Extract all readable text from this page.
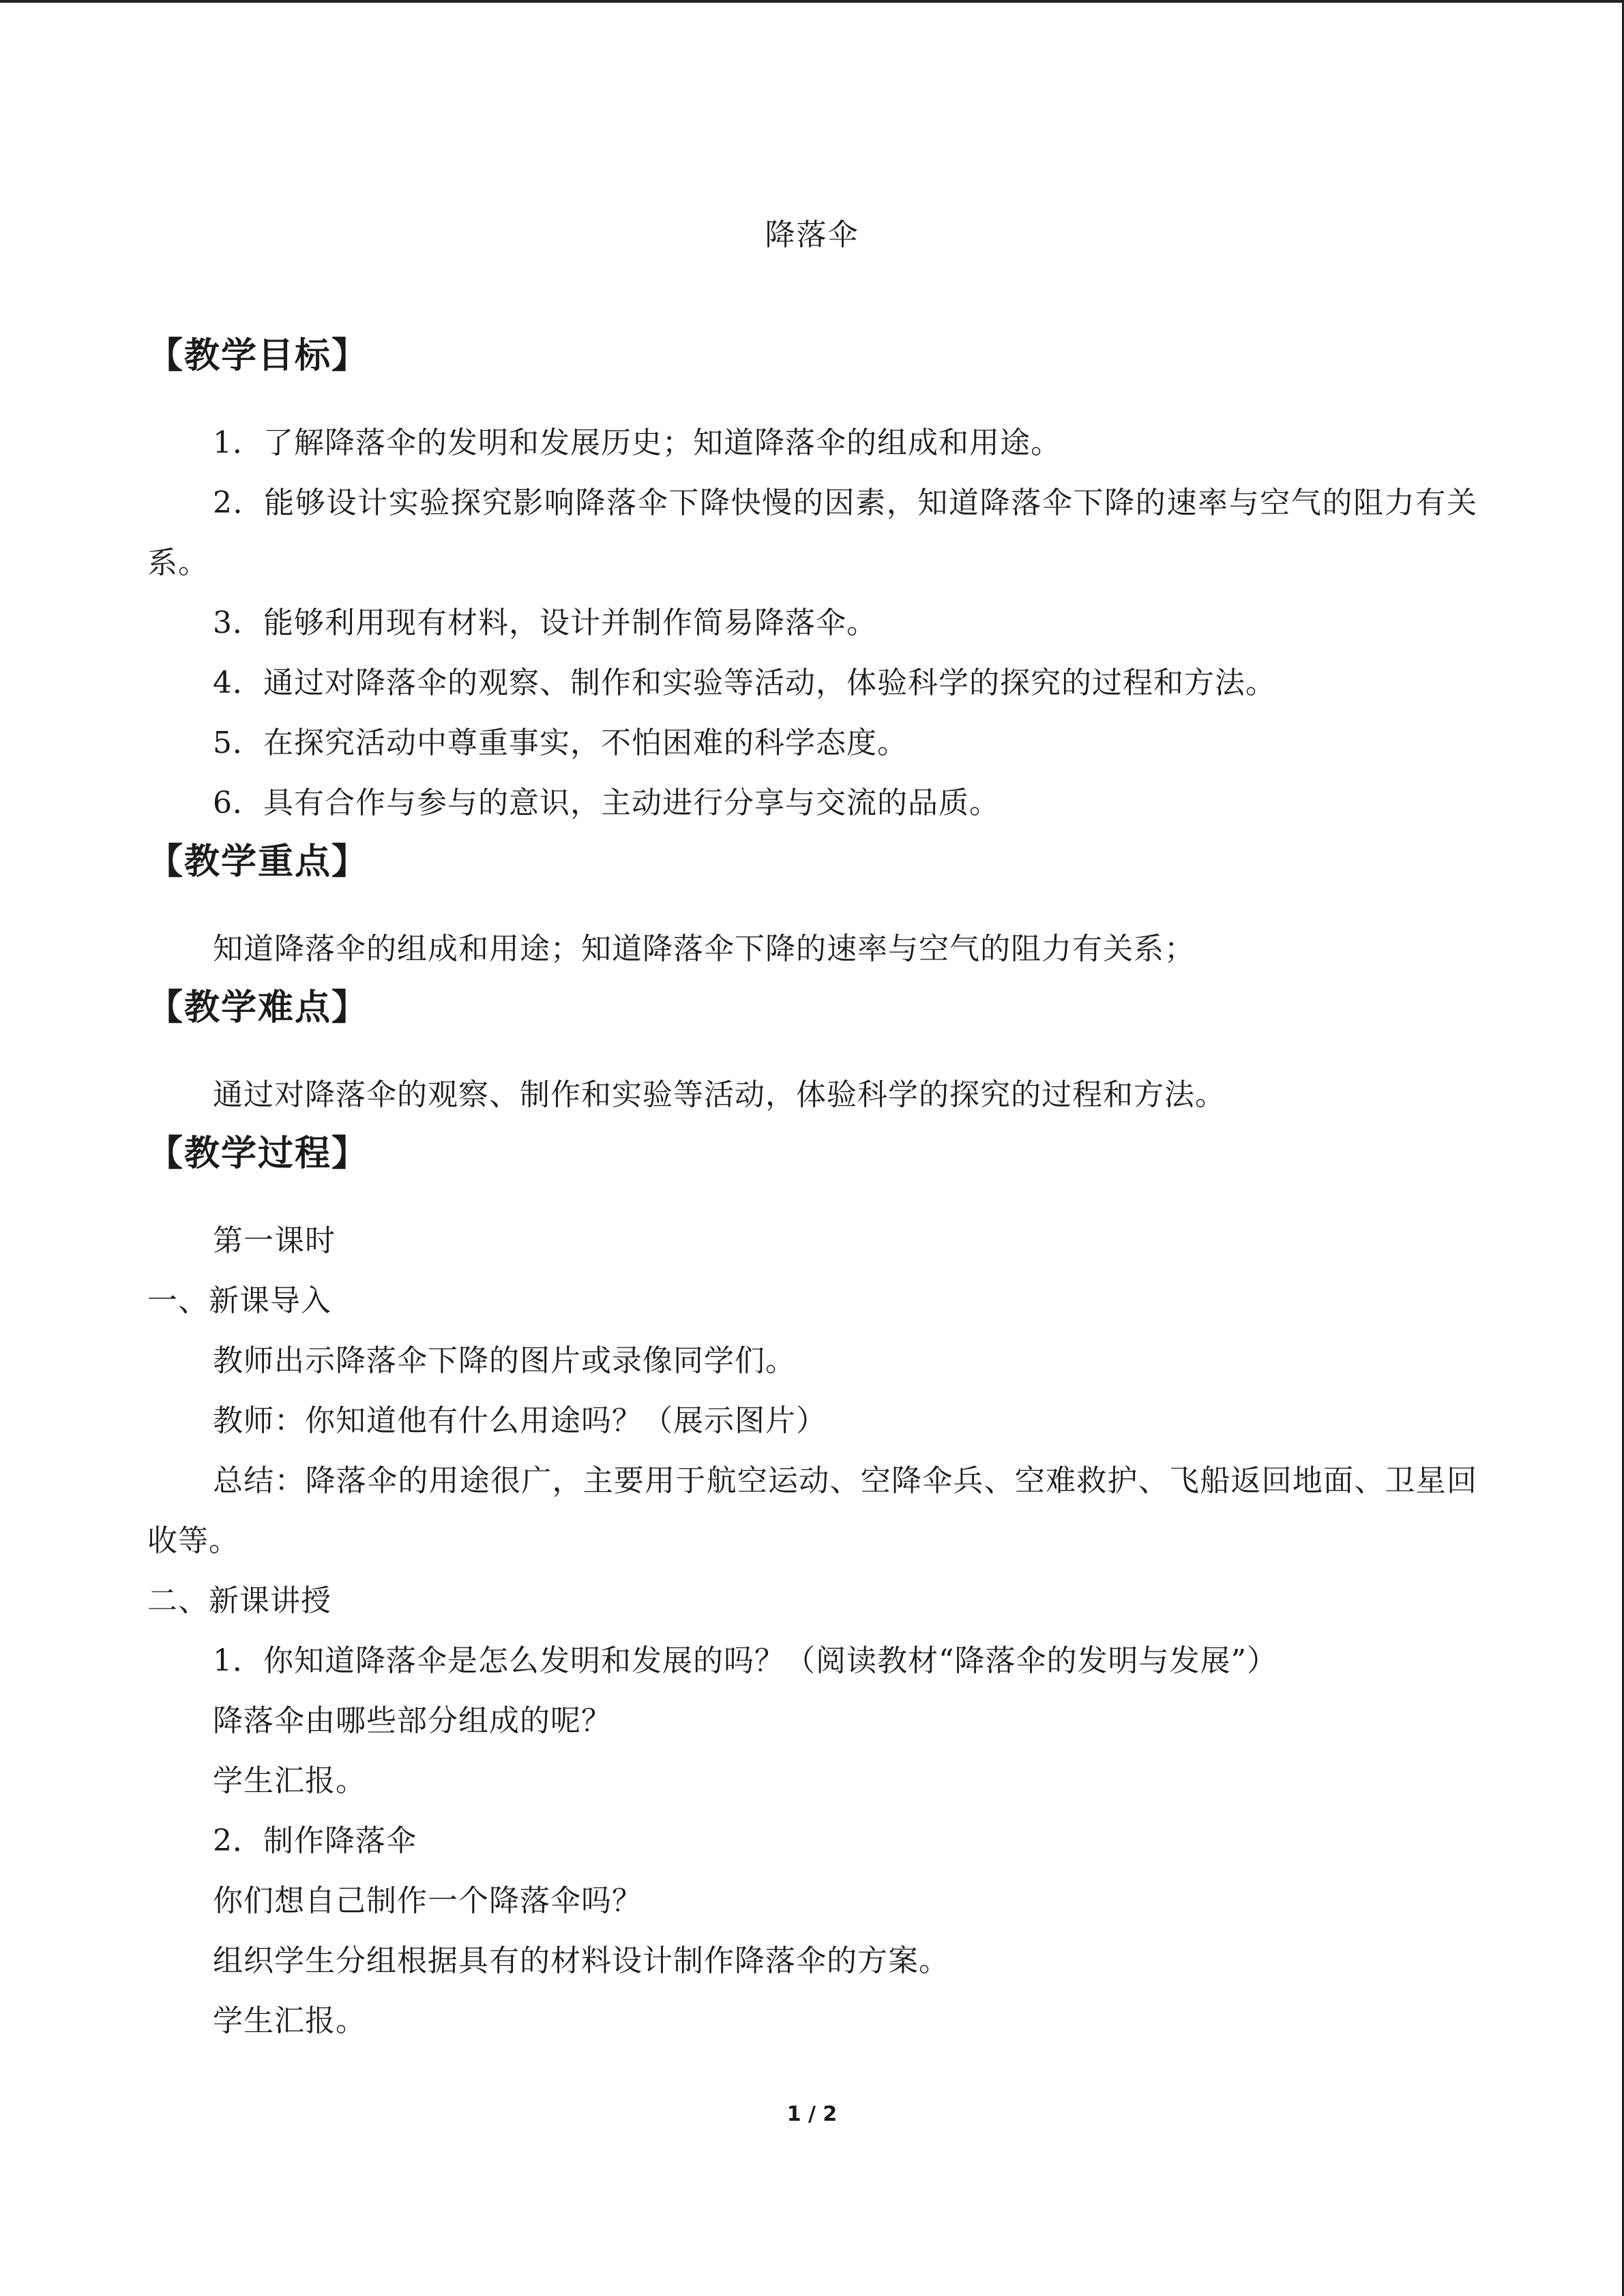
降落伞
【教学目标】

1．了解降落伞的发明和发展历史；知道降落伞的组成和用途。

2．能够设计实验探究影响降落伞下降快慢的因素，知道降落伞下降的速率与空气的阻力有关系。

3．能够利用现有材料，设计并制作简易降落伞。

4．通过对降落伞的观察、制作和实验等活动，体验科学的探究的过程和方法。

5．在探究活动中尊重事实，不怕困难的科学态度。

6．具有合作与参与的意识，主动进行分享与交流的品质。

【教学重点】

知道降落伞的组成和用途；知道降落伞下降的速率与空气的阻力有关系；

【教学难点】

通过对降落伞的观察、制作和实验等活动，体验科学的探究的过程和方法。

【教学过程】

第一课时

一、新课导入

教师出示降落伞下降的图片或录像同学们。

教师：你知道他有什么用途吗？（展示图片）

总结：降落伞的用途很广，主要用于航空运动、空降伞兵、空难救护、飞船返回地面、卫星回收等。

二、新课讲授

1．你知道降落伞是怎么发明和发展的吗？（阅读教材“降落伞的发明与发展”）

降落伞由哪些部分组成的呢？

学生汇报。

2．制作降落伞

你们想自己制作一个降落伞吗？

组织学生分组根据具有的材料设计制作降落伞的方案。

学生汇报。

1 / 2
